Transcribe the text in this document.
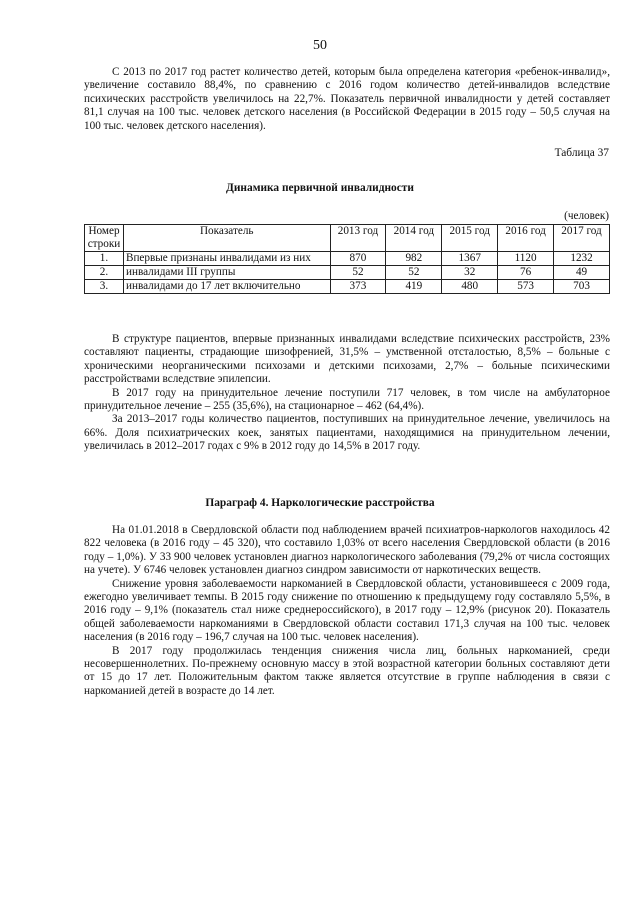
50

С 2013 по 2017 год растет количество детей, которым была определена категория «ребенок-инвалид», увеличение составило 88,4%, по сравнению с 2016 годом количество детей-инвалидов вследствие психических расстройств увеличилось на 22,7%. Показатель первичной инвалидности у детей составляет 81,1 случая на 100 тыс. человек детского населения (в Российской Федерации в 2015 году – 50,5 случая на 100 тыс. человек детского населения).

Таблица 37
Динамика первичной инвалидности
(человек)
Номер строки	Показатель	2013 год	2014 год	2015 год	2016 год	2017 год
1.	Впервые признаны инвалидами из них	870	982	1367	1120	1232
2.	инвалидами III группы	52	52	32	76	49
3.	инвалидами до 17 лет включительно	373	419	480	573	703

В структуре пациентов, впервые признанных инвалидами вследствие психических расстройств, 23% составляют пациенты, страдающие шизофренией, 31,5% – умственной отсталостью, 8,5% – больные с хроническими неорганическими психозами и детскими психозами, 2,7% – больные психическими расстройствами вследствие эпилепсии.

В 2017 году на принудительное лечение поступили 717 человек, в том числе на амбулаторное принудительное лечение – 255 (35,6%), на стационарное – 462 (64,4%).

За 2013–2017 годы количество пациентов, поступивших на принудительное лечение, увеличилось на 66%. Доля психиатрических коек, занятых пациентами, находящимися на принудительном лечении, увеличилась в 2012–2017 годах с 9% в 2012 году до 14,5% в 2017 году.

Параграф 4. Наркологические расстройства

На 01.01.2018 в Свердловской области под наблюдением врачей психиатров-наркологов находилось 42 822 человека (в 2016 году – 45 320), что составило 1,03% от всего населения Свердловской области (в 2016 году – 1,0%). У 33 900 человек установлен диагноз наркологического заболевания (79,2% от числа состоящих на учете). У 6746 человек установлен диагноз синдром зависимости от наркотических веществ.

Снижение уровня заболеваемости наркоманией в Свердловской области, установившееся с 2009 года, ежегодно увеличивает темпы. В 2015 году снижение по отношению к предыдущему году составляло 5,5%, в 2016 году – 9,1% (показатель стал ниже среднероссийского), в 2017 году – 12,9% (рисунок 20). Показатель общей заболеваемости наркоманиями в Свердловской области составил 171,3 случая на 100 тыс. человек населения (в 2016 году – 196,7 случая на 100 тыс. человек населения).

В 2017 году продолжилась тенденция снижения числа лиц, больных наркоманией, среди несовершеннолетних. По-прежнему основную массу в этой возрастной категории больных составляют дети от 15 до 17 лет. Положительным фактом также является отсутствие в группе наблюдения в связи с наркоманией детей в возрасте до 14 лет.
